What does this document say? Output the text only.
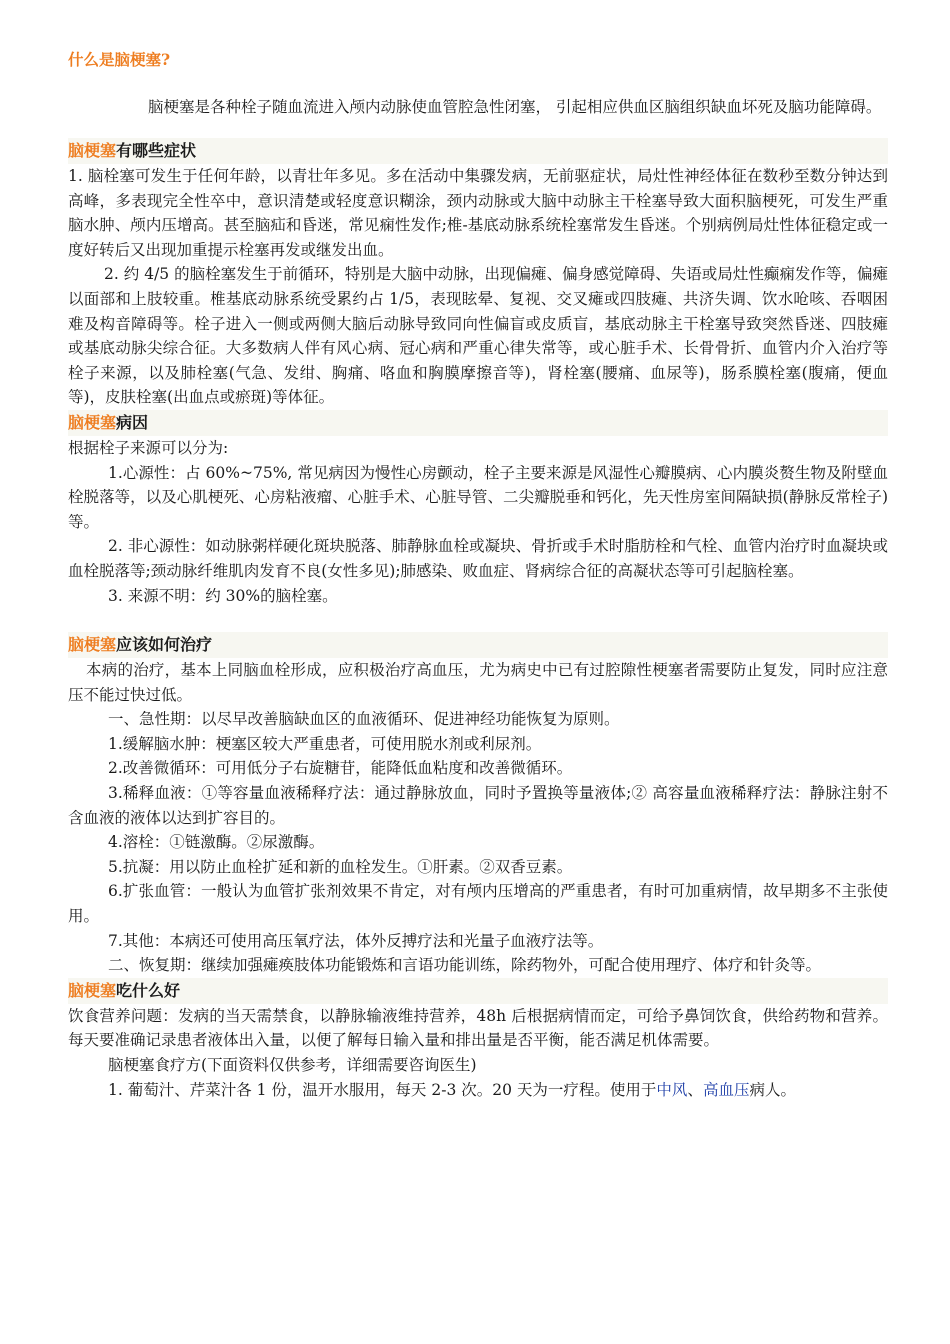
什么是脑梗塞?

脑梗塞是各种栓子随血流进入颅内动脉使血管腔急性闭塞， 引起相应供血区脑组织缺血坏死及脑功能障碍。

脑梗塞有哪些症状

1. 脑栓塞可发生于任何年龄，以青壮年多见。多在活动中集骤发病，无前驱症状，局灶性神经体征在数秒至数分钟达到高峰，多表现完全性卒中，意识清楚或轻度意识糊涂，颈内动脉或大脑中动脉主干栓塞导致大面积脑梗死，可发生严重脑水肿、颅内压增高。甚至脑疝和昏迷，常见痫性发作;椎-基底动脉系统栓塞常发生昏迷。个别病例局灶性体征稳定或一度好转后又出现加重提示栓塞再发或继发出血。

2. 约 4/5 的脑栓塞发生于前循环，特别是大脑中动脉，出现偏瘫、偏身感觉障碍、失语或局灶性癫痫发作等，偏瘫以面部和上肢较重。椎基底动脉系统受累约占 1/5，表现眩晕、复视、交叉瘫或四肢瘫、共济失调、饮水呛咳、吞咽困难及构音障碍等。栓子进入一侧或两侧大脑后动脉导致同向性偏盲或皮质盲，基底动脉主干栓塞导致突然昏迷、四肢瘫或基底动脉尖综合征。大多数病人伴有风心病、冠心病和严重心律失常等，或心脏手术、长骨骨折、血管内介入治疗等栓子来源，以及肺栓塞(气急、发绀、胸痛、咯血和胸膜摩擦音等)，肾栓塞(腰痛、血尿等)，肠系膜栓塞(腹痛，便血等)，皮肤栓塞(出血点或瘀斑)等体征。

脑梗塞病因

根据栓子来源可以分为:

1.心源性：占 60%~75%, 常见病因为慢性心房颤动，栓子主要来源是风湿性心瓣膜病、心内膜炎赘生物及附壁血栓脱落等，以及心肌梗死、心房粘液瘤、心脏手术、心脏导管、二尖瓣脱垂和钙化，先天性房室间隔缺损(静脉反常栓子)等。

2. 非心源性：如动脉粥样硬化斑块脱落、肺静脉血栓或凝块、骨折或手术时脂肪栓和气栓、血管内治疗时血凝块或血栓脱落等;颈动脉纤维肌肉发育不良(女性多见);肺感染、败血症、肾病综合征的高凝状态等可引起脑栓塞。

3. 来源不明：约 30%的脑栓塞。

脑梗塞应该如何治疗

本病的治疗，基本上同脑血栓形成，应积极治疗高血压，尤为病史中已有过腔隙性梗塞者需要防止复发，同时应注意压不能过快过低。

一、急性期：以尽早改善脑缺血区的血液循环、促进神经功能恢复为原则。

1.缓解脑水肿：梗塞区较大严重患者，可使用脱水剂或利尿剂。

2.改善微循环：可用低分子右旋糖苷，能降低血粘度和改善微循环。

3.稀释血液：①等容量血液稀释疗法：通过静脉放血，同时予置换等量液体;② 高容量血液稀释疗法：静脉注射不含血液的液体以达到扩容目的。

4.溶栓：①链激酶。②尿激酶。

5.抗凝：用以防止血栓扩延和新的血栓发生。①肝素。②双香豆素。

6.扩张血管：一般认为血管扩张剂效果不肯定，对有颅内压增高的严重患者，有时可加重病情，故早期多不主张使用。

7.其他：本病还可使用高压氧疗法，体外反搏疗法和光量子血液疗法等。

二、恢复期：继续加强瘫痪肢体功能锻炼和言语功能训练，除药物外，可配合使用理疗、体疗和针灸等。

脑梗塞吃什么好

饮食营养问题：发病的当天需禁食，以静脉输液维持营养，48h 后根据病情而定，可给予鼻饲饮食，供给药物和营养。每天要准确记录患者液体出入量，以便了解每日输入量和排出量是否平衡，能否满足机体需要。

脑梗塞食疗方(下面资料仅供参考，详细需要咨询医生)

1. 葡萄汁、芹菜汁各 1 份，温开水服用，每天 2-3 次。20 天为一疗程。使用于中风、高血压病人。
